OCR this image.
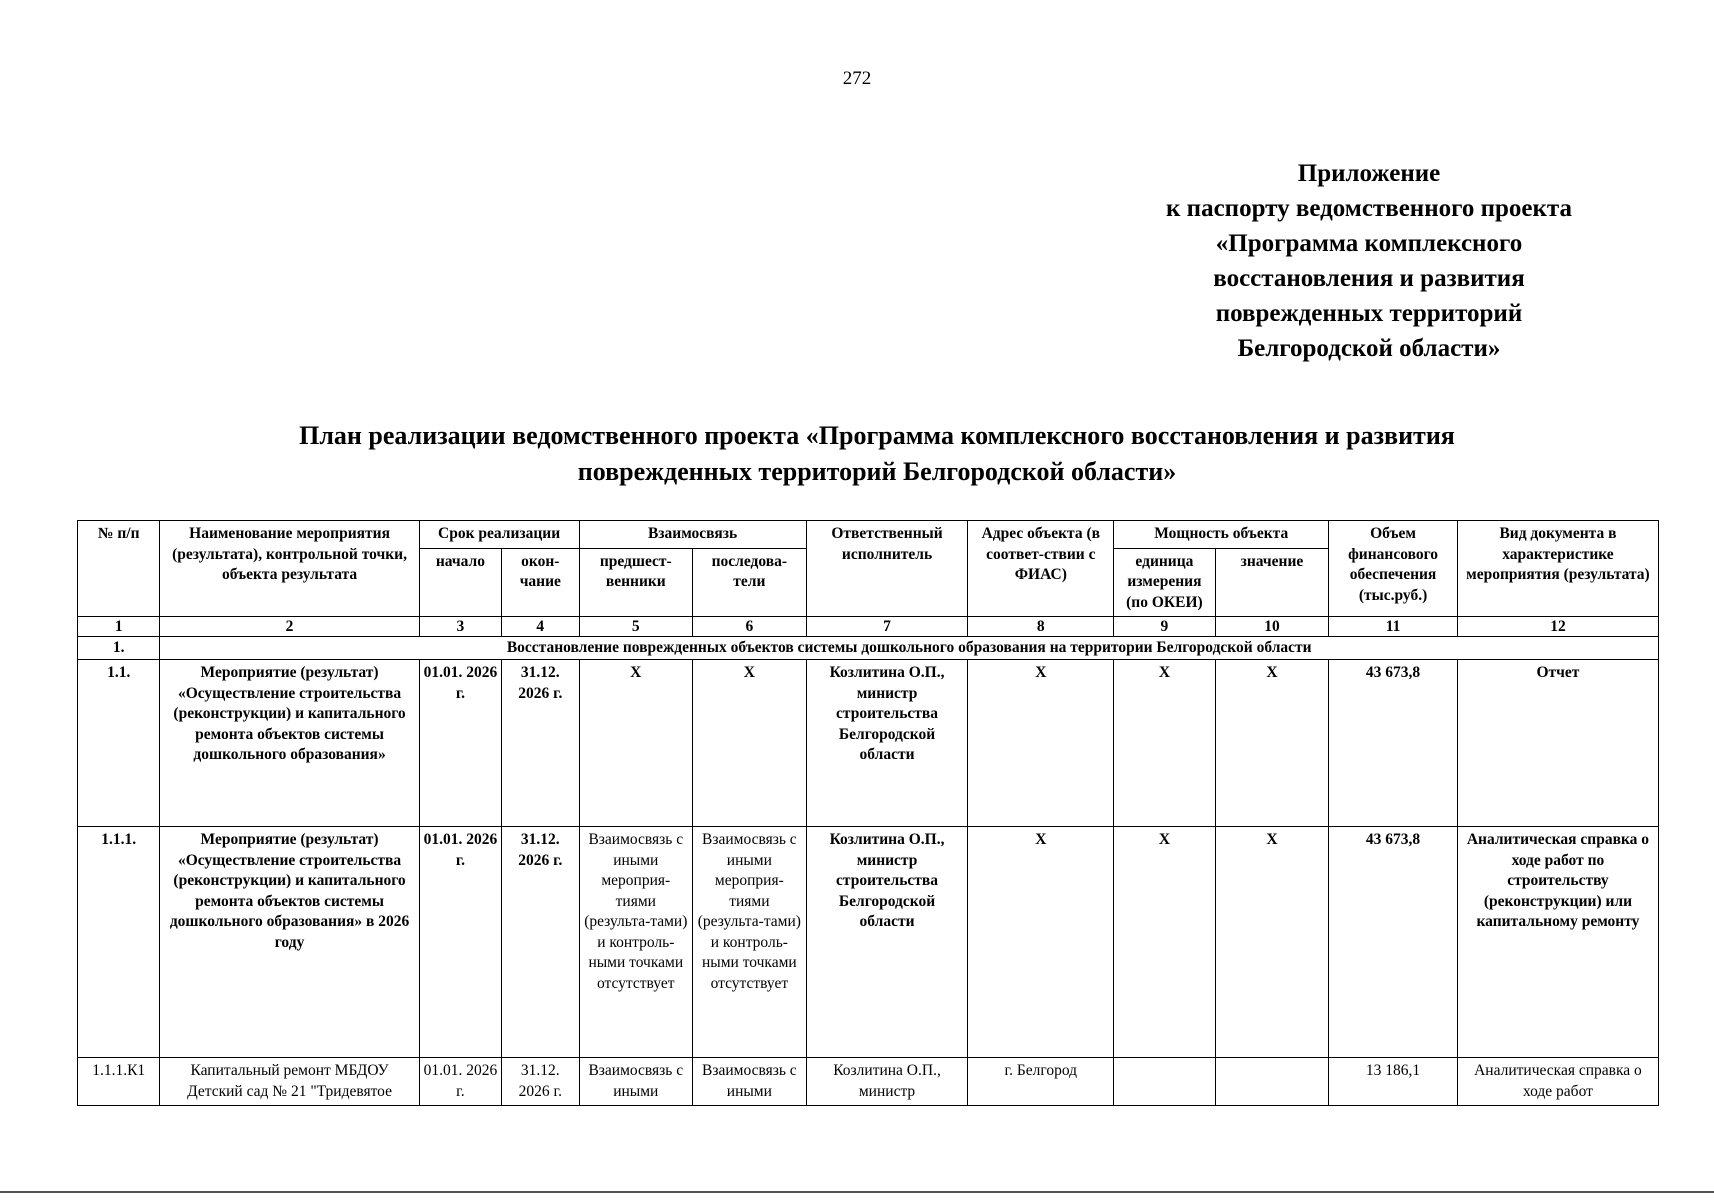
272
Приложение
к паспорту ведомственного проекта
«Программа комплексного
восстановления и развития
поврежденных территорий
Белгородской области»
План реализации ведомственного проекта «Программа комплексного восстановления и развития
поврежденных территорий Белгородской области»
№ п/п	Наименование мероприятия (результата), контрольной точки, объекта результата	Срок реализации		Взаимосвязь		Ответственный исполнитель	Адрес объекта (в соответ-ствии с ФИАС)	Мощность объекта		Объем финансового обеспечения (тыс.руб.)	Вид документа в характеристике мероприятия (результата)
		начало	окон-чание	предшест-венники	последова-тели			единица измерения (по ОКЕИ)	значение		
1	2	3	4	5	6	7	8	9	10	11	12
1.	Восстановление поврежденных объектов системы дошкольного образования на территории Белгородской области										
1.1.	Мероприятие (результат) «Осуществление строительства (реконструкции) и капитального ремонта объектов системы дошкольного образования»	01.01. 2026 г.	31.12. 2026 г.	Х	Х	Козлитина О.П., министр строительства Белгородской области	Х	Х	Х	43 673,8	Отчет
1.1.1.	Мероприятие (результат) «Осуществление строительства (реконструкции) и капитального ремонта объектов системы дошкольного образования» в 2026 году	01.01. 2026 г.	31.12. 2026 г.	Взаимосвязь с иными мероприя-тиями (результа-тами) и контроль-ными точками отсутствует	Взаимосвязь с иными мероприя-тиями (результа-тами) и контроль-ными точками отсутствует	Козлитина О.П., министр строительства Белгородской области	Х	Х	Х	43 673,8	Аналитическая справка о ходе работ по строительству (реконструкции) или капитальному ремонту
1.1.1.К1	Капитальный ремонт МБДОУ Детский сад № 21 "Тридевятое	01.01. 2026 г.	31.12. 2026 г.	Взаимосвязь с иными	Взаимосвязь с иными	Козлитина О.П., министр	г. Белгород			13 186,1	Аналитическая справка о ходе работ
